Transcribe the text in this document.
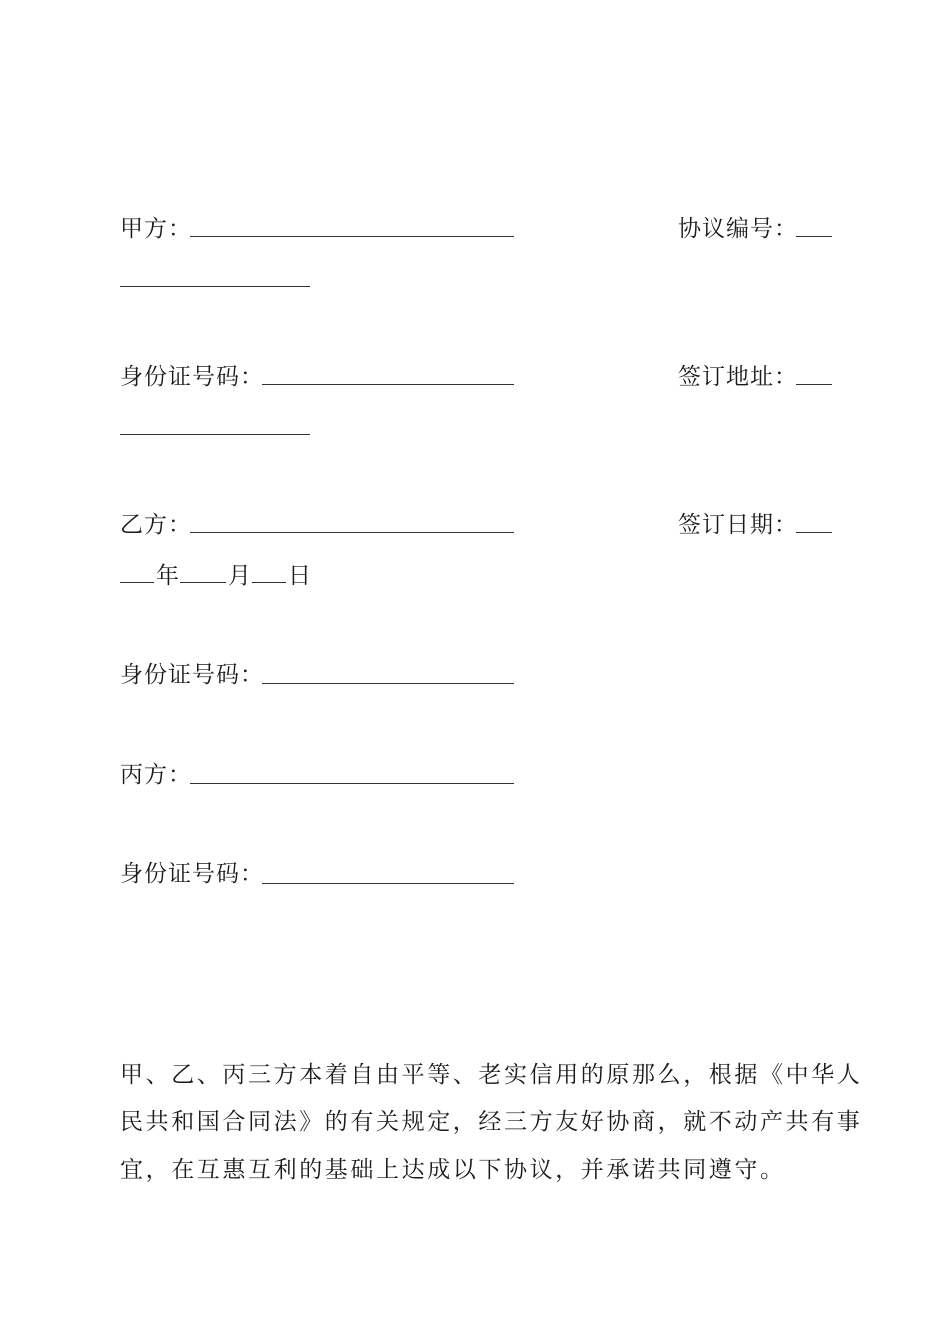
甲方：	协议编号：
身份证号码：	签订地址：
乙方：	签订日期：
年 月 日
身份证号码：
丙方：
身份证号码：
甲、乙、丙三方本着自由平等、老实信用的原那么，根据《中华人
民共和国合同法》的有关规定，经三方友好协商，就不动产共有事
宜，在互惠互利的基础上达成以下协议，并承诺共同遵守。
